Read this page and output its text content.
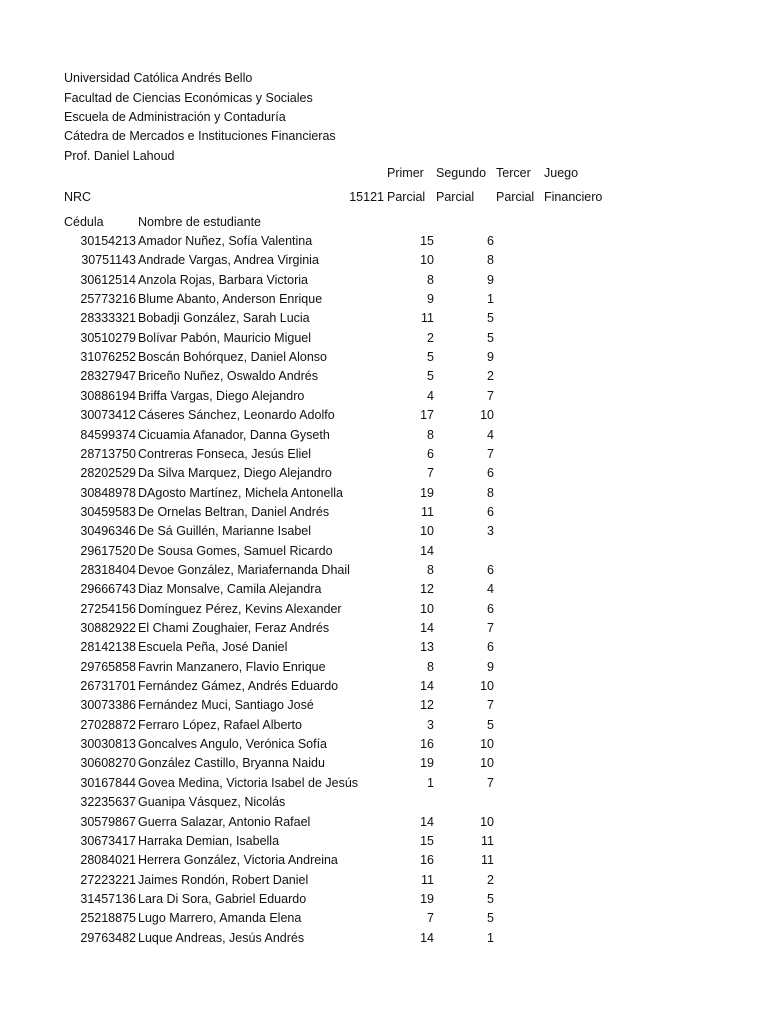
Universidad Católica Andrés Bello
Facultad de Ciencias Económicas y Sociales
Escuela de Administración y Contaduría
Cátedra de Mercados e Instituciones Financieras
Prof. Daniel Lahoud
Primer Segundo Tercer Juego
NRC	15121 Parcial Parcial Parcial Financiero
Cédula	Nombre de estudiante
30154213 Amador Nuñez, Sofía Valentina	15	6
30751143 Andrade Vargas, Andrea Virginia	10	8
30612514 Anzola Rojas, Barbara Victoria	8	9
25773216 Blume Abanto, Anderson Enrique	9	1
28333321 Bobadji González, Sarah Lucia	11	5
30510279 Bolívar Pabón, Mauricio Miguel	2	5
31076252 Boscán Bohórquez, Daniel Alonso	5	9
28327947 Briceño Nuñez, Oswaldo Andrés	5	2
30886194 Briffa Vargas, Diego Alejandro	4	7
30073412 Cáseres Sánchez, Leonardo Adolfo	17	10
84599374 Cicuamia Afanador, Danna Gyseth	8	4
28713750 Contreras Fonseca, Jesús Eliel	6	7
28202529 Da Silva Marquez, Diego Alejandro	7	6
30848978 DAgosto Martínez, Michela Antonella	19	8
30459583 De Ornelas Beltran, Daniel Andrés	11	6
30496346 De Sá Guillén, Marianne Isabel	10	3
29617520 De Sousa Gomes, Samuel Ricardo	14
28318404 Devoe González, Mariafernanda Dhail	8	6
29666743 Diaz Monsalve, Camila Alejandra	12	4
27254156 Domínguez Pérez, Kevins Alexander	10	6
30882922 El Chami Zoughaier, Feraz Andrés	14	7
28142138 Escuela Peña, José Daniel	13	6
29765858 Favrin Manzanero, Flavio Enrique	8	9
26731701 Fernández Gámez, Andrés Eduardo	14	10
30073386 Fernández Muci, Santiago José	12	7
27028872 Ferraro López, Rafael Alberto	3	5
30030813 Goncalves Angulo, Verónica Sofía	16	10
30608270 González Castillo, Bryanna Naidu	19	10
30167844 Govea Medina, Victoria Isabel de Jesús	1	7
32235637 Guanipa Vásquez, Nicolás
30579867 Guerra Salazar, Antonio Rafael	14	10
30673417 Harraka Demian, Isabella	15	11
28084021 Herrera González, Victoria Andreina	16	11
27223221 Jaimes Rondón, Robert Daniel	11	2
31457136 Lara Di Sora, Gabriel Eduardo	19	5
25218875 Lugo Marrero, Amanda Elena	7	5
29763482 Luque Andreas, Jesús Andrés	14	1
